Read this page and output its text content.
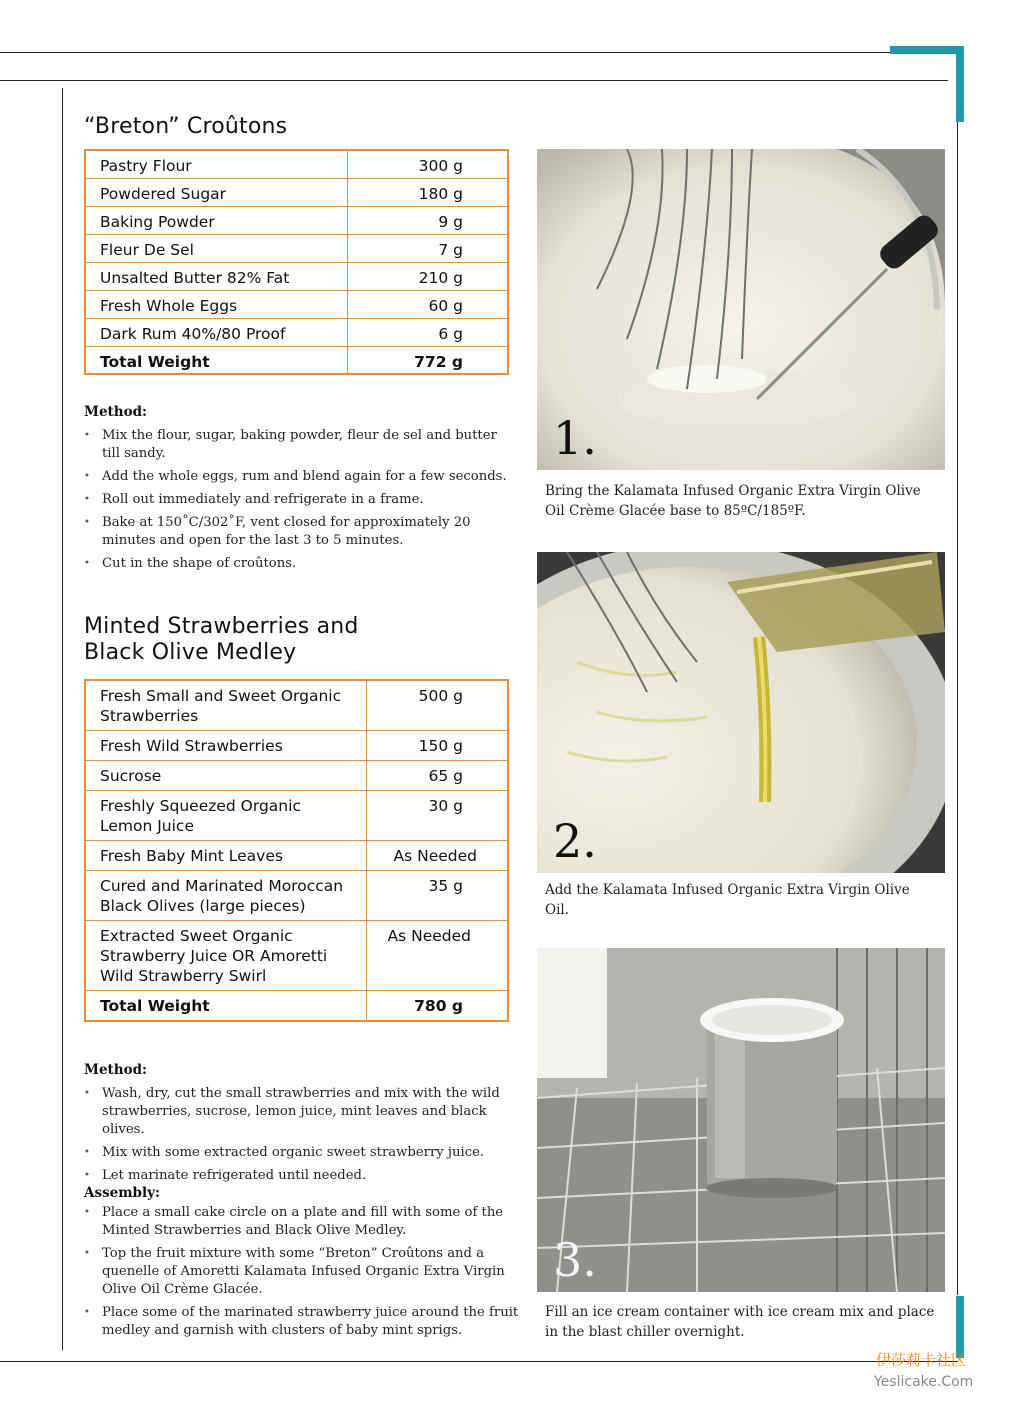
“Breton” Croûtons
Pastry Flour	300 g
Powdered Sugar	180 g
Baking Powder	9 g
Fleur De Sel	7 g
Unsalted Butter 82% Fat	210 g
Fresh Whole Eggs	60 g
Dark Rum 40%/80 Proof	6 g
Total Weight	772 g
Method:
• Mix the flour, sugar, baking powder, fleur de sel and butter till sandy.
• Add the whole eggs, rum and blend again for a few seconds.
• Roll out immediately and refrigerate in a frame.
• Bake at 150˚C/302˚F, vent closed for approximately 20 minutes and open for the last 3 to 5 minutes.
• Cut in the shape of croûtons.
Minted Strawberries and
Black Olive Medley
Fresh Small and Sweet Organic Strawberries	500 g
Fresh Wild Strawberries	150 g
Sucrose	65 g
Freshly Squeezed Organic Lemon Juice	30 g
Fresh Baby Mint Leaves	As Needed
Cured and Marinated Moroccan Black Olives (large pieces)	35 g
Extracted Sweet Organic Strawberry Juice OR Amoretti Wild Strawberry Swirl	As Needed
Total Weight	780 g
Method:
• Wash, dry, cut the small strawberries and mix with the wild strawberries, sucrose, lemon juice, mint leaves and black olives.
• Mix with some extracted organic sweet strawberry juice.
• Let marinate refrigerated until needed.
Assembly:
• Place a small cake circle on a plate and fill with some of the Minted Strawberries and Black Olive Medley.
• Top the fruit mixture with some “Breton” Croûtons and a quenelle of Amoretti Kalamata Infused Organic Extra Virgin Olive Oil Crème Glacée.
• Place some of the marinated strawberry juice around the fruit medley and garnish with clusters of baby mint sprigs.
1.
Bring the Kalamata Infused Organic Extra Virgin Olive Oil Crème Glacée base to 85ºC/185ºF.
2.
Add the Kalamata Infused Organic Extra Virgin Olive Oil.
3.
Fill an ice cream container with ice cream mix and place in the blast chiller overnight.
伊莎莉卡社区
Yeslicake.Com
